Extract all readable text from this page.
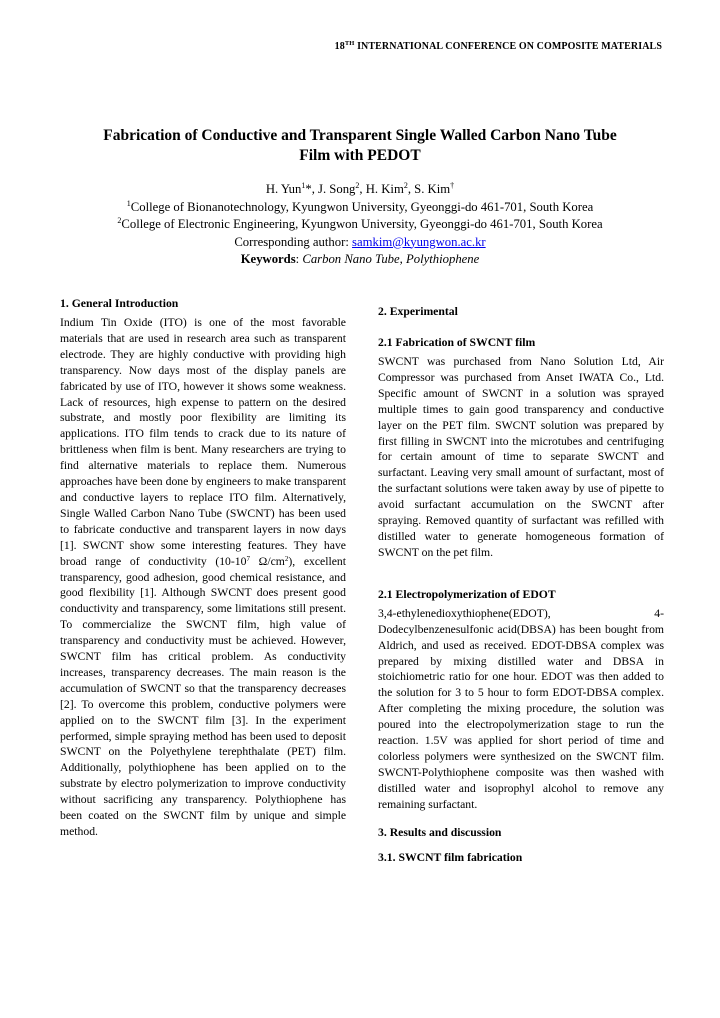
18TH INTERNATIONAL CONFERENCE ON COMPOSITE MATERIALS
Fabrication of Conductive and Transparent Single Walled Carbon Nano Tube
Film with PEDOT
H. Yun$^1$*, J. Song$^2$, H. Kim$^2$, S. Kim†
$^1$College of Bionanotechnology, Kyungwon University, Gyeonggi-do 461-701, South Korea
$^2$College of Electronic Engineering, Kyungwon University, Gyeonggi-do 461-701, South Korea
Corresponding author: samkim@kyungwon.ac.kr
Keywords: Carbon Nano Tube, Polythiophene
1. General Introduction

Indium Tin Oxide (ITO) is one of the most favorable materials that are used in research area such as transparent electrode. They are highly conductive with providing high transparency. Now days most of the display panels are fabricated by use of ITO, however it shows some weakness. Lack of resources, high expense to pattern on the desired substrate, and mostly poor flexibility are limiting its applications. ITO film tends to crack due to its nature of brittleness when film is bent. Many researchers are trying to find alternative materials to replace them. Numerous approaches have been done by engineers to make transparent and conductive layers to replace ITO film. Alternatively, Single Walled Carbon Nano Tube (SWCNT) has been used to fabricate conductive and transparent layers in now days [1]. SWCNT show some interesting features. They have broad range of conductivity ($10-10^7$ $\Omega/cm^2$), excellent transparency, good adhesion, good chemical resistance, and good flexibility [1]. Although SWCNT does present good conductivity and transparency, some limitations still present. To commercialize the SWCNT film, high value of transparency and conductivity must be achieved. However, SWCNT film has critical problem. As conductivity increases, transparency decreases. The main reason is the accumulation of SWCNT so that the transparency decreases [2]. To overcome this problem, conductive polymers were applied on to the SWCNT film [3]. In the experiment performed, simple spraying method has been used to deposit SWCNT on the Polyethylene terephthalate (PET) film. Additionally, polythiophene has been applied on to the substrate by electro polymerization to improve conductivity without sacrificing any transparency. Polythiophene has been coated on the SWCNT film by unique and simple method.

2. Experimental
2.1 Fabrication of SWCNT film

SWCNT was purchased from Nano Solution Ltd, Air Compressor was purchased from Anset IWATA Co., Ltd. Specific amount of SWCNT in a solution was sprayed multiple times to gain good transparency and conductive layer on the PET film. SWCNT solution was prepared by first filling in SWCNT into the microtubes and centrifuging for certain amount of time to separate SWCNT and surfactant. Leaving very small amount of surfactant, most of the surfactant solutions were taken away by use of pipette to avoid surfactant accumulation on the SWCNT after spraying. Removed quantity of surfactant was refilled with distilled water to generate homogeneous formation of SWCNT on the pet film.

2.1 Electropolymerization of EDOT

3,4-ethylenedioxythiophene(EDOT), 4-Dodecylbenzenesulfonic acid(DBSA) has been bought from Aldrich, and used as received. EDOT-DBSA complex was prepared by mixing distilled water and DBSA in stoichiometric ratio for one hour. EDOT was then added to the solution for 3 to 5 hour to form EDOT-DBSA complex. After completing the mixing procedure, the solution was poured into the electropolymerization stage to run the reaction. 1.5V was applied for short period of time and colorless polymers were synthesized on the SWCNT film. SWCNT-Polythiophene composite was then washed with distilled water and isoprophyl alcohol to remove any remaining surfactant.

3. Results and discussion
3.1. SWCNT film fabrication
